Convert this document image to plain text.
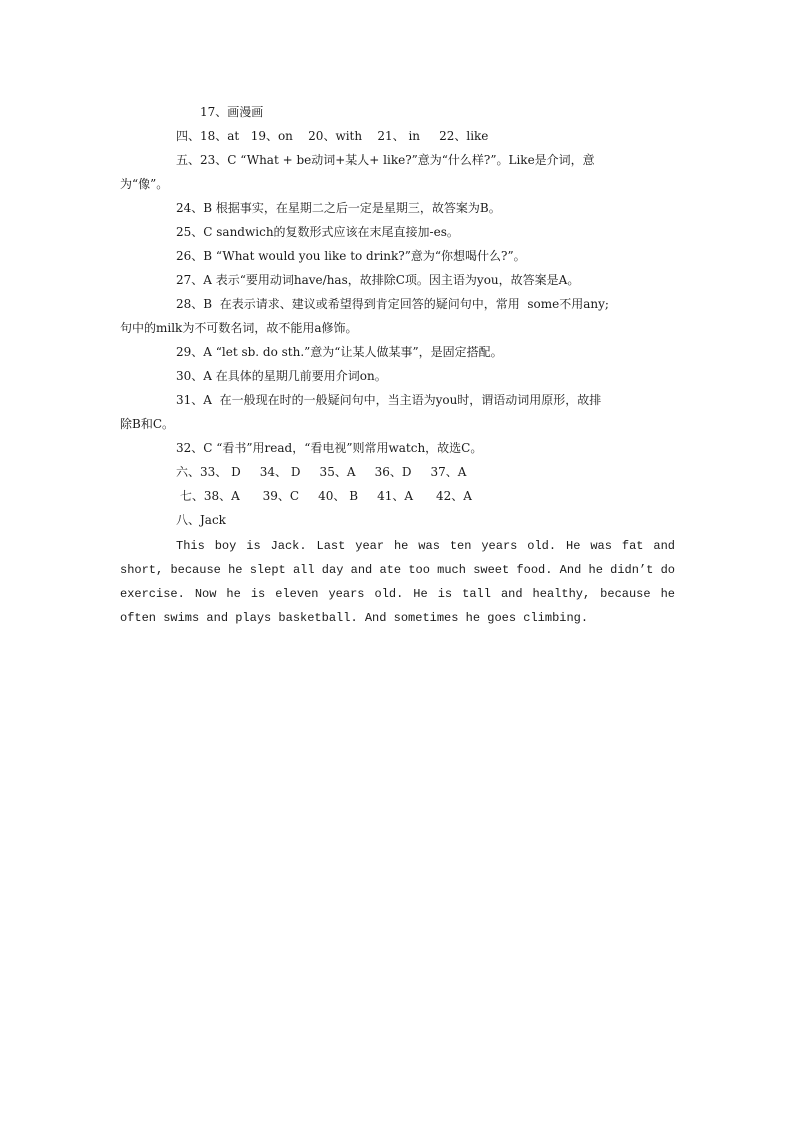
17、画漫画
四、18、at   19、on    20、with    21、 in     22、like
五、23、C “What + be动词+某人+ like?”意为“什么样?”。Like是介词，意
为“像”。
24、B 根据事实，在星期二之后一定是星期三，故答案为B。
25、C sandwich的复数形式应该在末尾直接加-es。
26、B “What would you like to drink?”意为“你想喝什么?”。
27、A 表示“要用动词have/has，故排除C项。因主语为you，故答案是A。
28、B  在表示请求、建议或希望得到肯定回答的疑问句中，常用  some不用any;
句中的milk为不可数名词，故不能用a修饰。
29、A “let sb. do sth.”意为“让某人做某事”，是固定搭配。
30、A 在具体的星期几前要用介词on。
31、A  在一般现在时的一般疑问句中，当主语为you时，谓语动词用原形，故排
除B和C。
32、C “看书”用read，“看电视”则常用watch，故选C。
六、33、 D     34、 D     35、A     36、D     37、A
七、38、A      39、C     40、 B     41、A      42、A
八、Jack
This boy is Jack. Last year he was ten years old. He was fat and short, because he slept all day and ate too much sweet food. And he didn’t do exercise. Now he is eleven years old. He is tall and healthy, because he often swims and plays basketball. And sometimes he goes climbing.
